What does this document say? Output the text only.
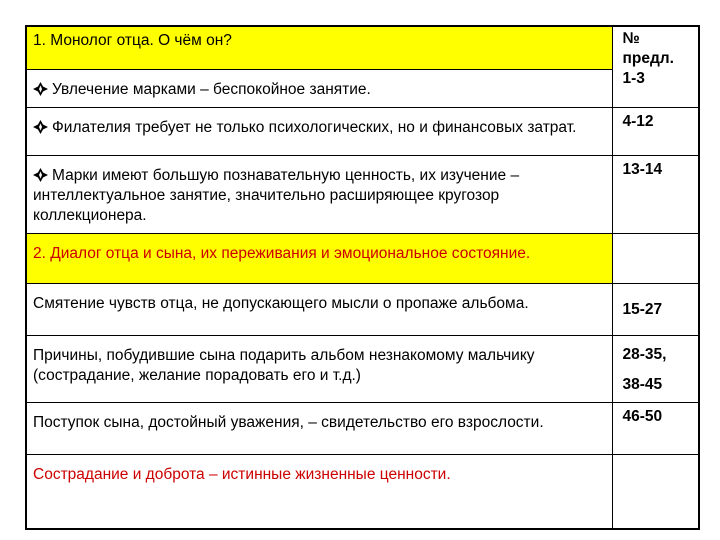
1. Монолог отца. О чём он?	№
предл.
1-3

Увлечение марками – беспокойное занятие.	

Филателия требует не только психологических, но и финансовых затрат.	4-12

Марки имеют большую познавательную ценность, их изучение – интеллектуальное занятие, значительно расширяющее кругозор коллекционера.	13-14
2. Диалог отца и сына, их переживания и эмоциональное состояние.	
Смятение чувств отца, не допускающего мысли о пропаже альбома.	15-27
Причины, побудившие сына подарить альбом незнакомому мальчику (сострадание, желание порадовать его и т.д.)	28-35,
38-45

Поступок сына, достойный уважения, – свидетельство его взрослости.	46-50
Сострадание и доброта – истинные жизненные ценности.	
